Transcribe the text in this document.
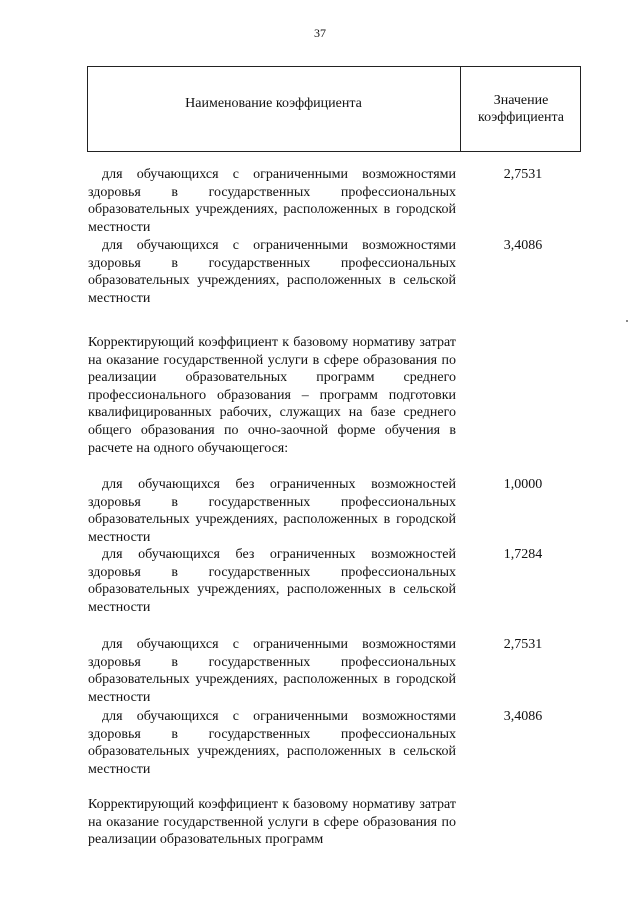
37
Наименование коэффициента	Значение
коэффициента
для обучающихся с ограниченными возможностями здоровья в государственных профессиональных образовательных учреждениях, расположенных в городской местности
2,7531
для обучающихся с ограниченными возможностями здоровья в государственных профессиональных образовательных учреждениях, расположенных в сельской местности
3,4086
Корректирующий коэффициент к базовому нормативу затрат на оказание государственной услуги в сфере образования по реализации образовательных программ среднего профессионального образования – программ подготовки квалифицированных рабочих, служащих на базе среднего общего образования по очно-заочной форме обучения в расчете на одного обучающегося:
для обучающихся без ограниченных возможностей здоровья в государственных профессиональных образовательных учреждениях, расположенных в городской местности
1,0000
для обучающихся без ограниченных возможностей здоровья в государственных профессиональных образовательных учреждениях, расположенных в сельской местности
1,7284
для обучающихся с ограниченными возможностями здоровья в государственных профессиональных образовательных учреждениях, расположенных в городской местности
2,7531
для обучающихся с ограниченными возможностями здоровья в государственных профессиональных образовательных учреждениях, расположенных в сельской местности
3,4086
Корректирующий коэффициент к базовому нормативу затрат на оказание государственной услуги в сфере образования по реализации образовательных программ
